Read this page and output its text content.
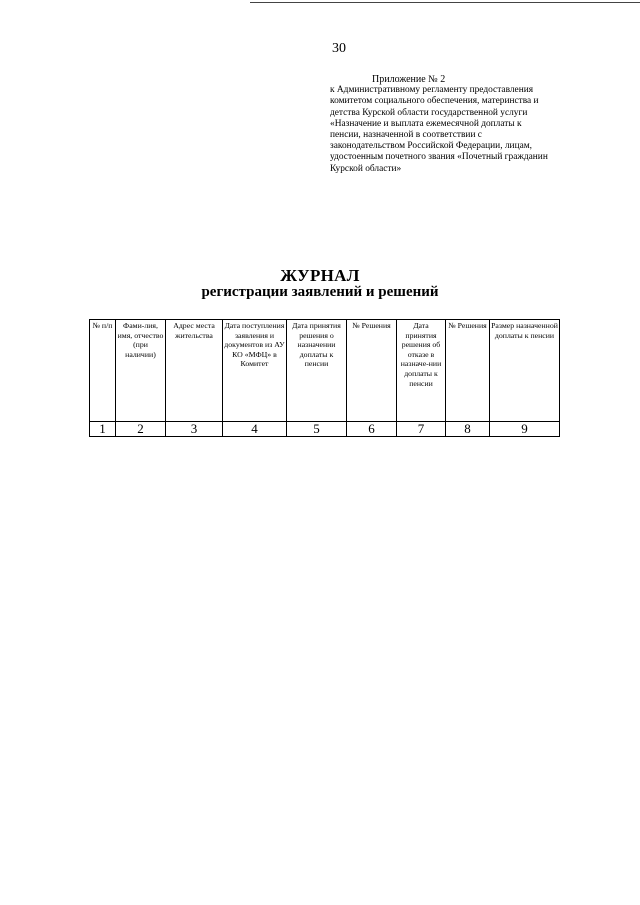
30
Приложение № 2
к Административному регламенту предоставления
комитетом социального обеспечения, материнства и
детства Курской области государственной услуги
«Назначение и выплата ежемесячной доплаты к
пенсии, назначенной в соответствии с
законодательством Российской Федерации, лицам,
удостоенным почетного звания «Почетный гражданин
Курской области»
ЖУРНАЛ
регистрации заявлений и решений
№ п/п	Фами-лия, имя, отчество (при наличии)	Адрес места жительства	Дата поступления заявления и документов из АУ КО «МФЦ» в Комитет	Дата принятия решения о назначении доплаты к пенсии	№ Решения	Дата принятия решения об отказе в назначе-нии доплаты к пенсии	№ Решения	Размер назначенной доплаты к пенсии
1	2	3	4	5	6	7	8	9
